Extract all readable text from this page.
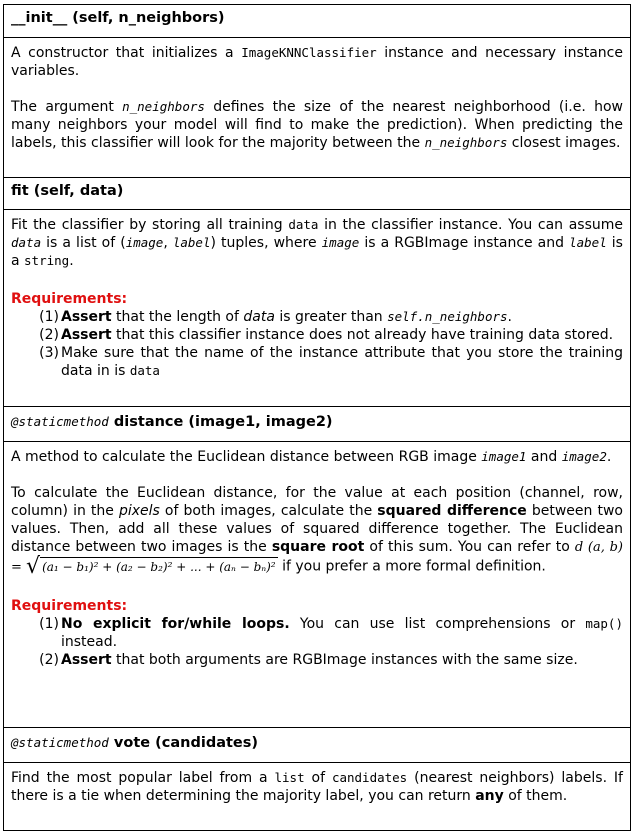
__init__ (self, n_neighbors)

A constructor that initializes a ImageKNNClassifier instance and necessary instance variables.

The argument n_neighbors defines the size of the nearest neighborhood (i.e. how many neighbors your model will find to make the prediction). When predicting the labels, this classifier will look for the majority between the n_neighbors closest images.

fit (self, data)

Fit the classifier by storing all training data in the classifier instance. You can assume data is a list of (image, label) tuples, where image is a RGBImage instance and label is a string.

Requirements:
(1) Assert that the length of data is greater than self.n_neighbors.
(2) Assert that this classifier instance does not already have training data stored.
(3) Make sure that the name of the instance attribute that you store the training data in is data
@staticmethod distance (image1, image2)

A method to calculate the Euclidean distance between RGB image image1 and image2.

To calculate the Euclidean distance, for the value at each position (channel, row, column) in the pixels of both images, calculate the squared difference between two values. Then, add all these values of squared difference together. The Euclidean distance between two images is the square root of this sum. You can refer to d (a, b) = √ (a₁ − b₁)² + (a₂ − b₂)² + ... + (aₙ − bₙ)² if you prefer a more formal definition.

Requirements:
(1) No explicit for/while loops. You can use list comprehensions or map() instead.
(2) Assert that both arguments are RGBImage instances with the same size.
@staticmethod vote (candidates)

Find the most popular label from a list of candidates (nearest neighbors) labels. If there is a tie when determining the majority label, you can return any of them.
